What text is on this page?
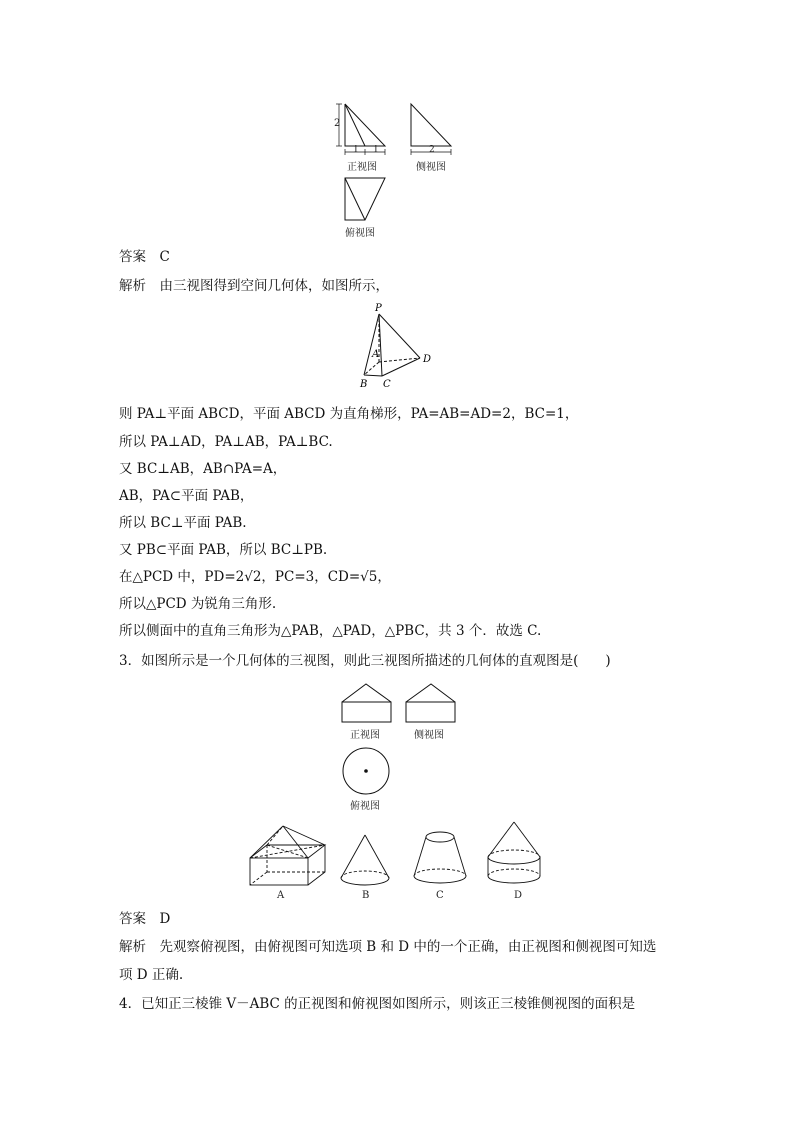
2
1 1	2
正视图	侧视图
俯视图
答案　C
解析　由三视图得到空间几何体，如图所示，
P
A
B C
D
则 PA⊥平面 ABCD，平面 ABCD 为直角梯形，PA=AB=AD=2，BC=1，
所以 PA⊥AD，PA⊥AB，PA⊥BC.
又 BC⊥AB，AB∩PA=A，
AB，PA⊂平面 PAB，
所以 BC⊥平面 PAB.
又 PB⊂平面 PAB，所以 BC⊥PB.
在△PCD 中，PD=2√2，PC=3，CD=√5，
所以△PCD 为锐角三角形.
所以侧面中的直角三角形为△PAB，△PAD，△PBC，共 3 个．故选 C.
3．如图所示是一个几何体的三视图，则此三视图所描述的几何体的直观图是(　　)
正视图	侧视图
俯视图
A	B	C	D
答案　D
解析　先观察俯视图，由俯视图可知选项 B 和 D 中的一个正确，由正视图和侧视图可知选
项 D 正确.
4．已知正三棱锥 V－ABC 的正视图和俯视图如图所示，则该正三棱锥侧视图的面积是
